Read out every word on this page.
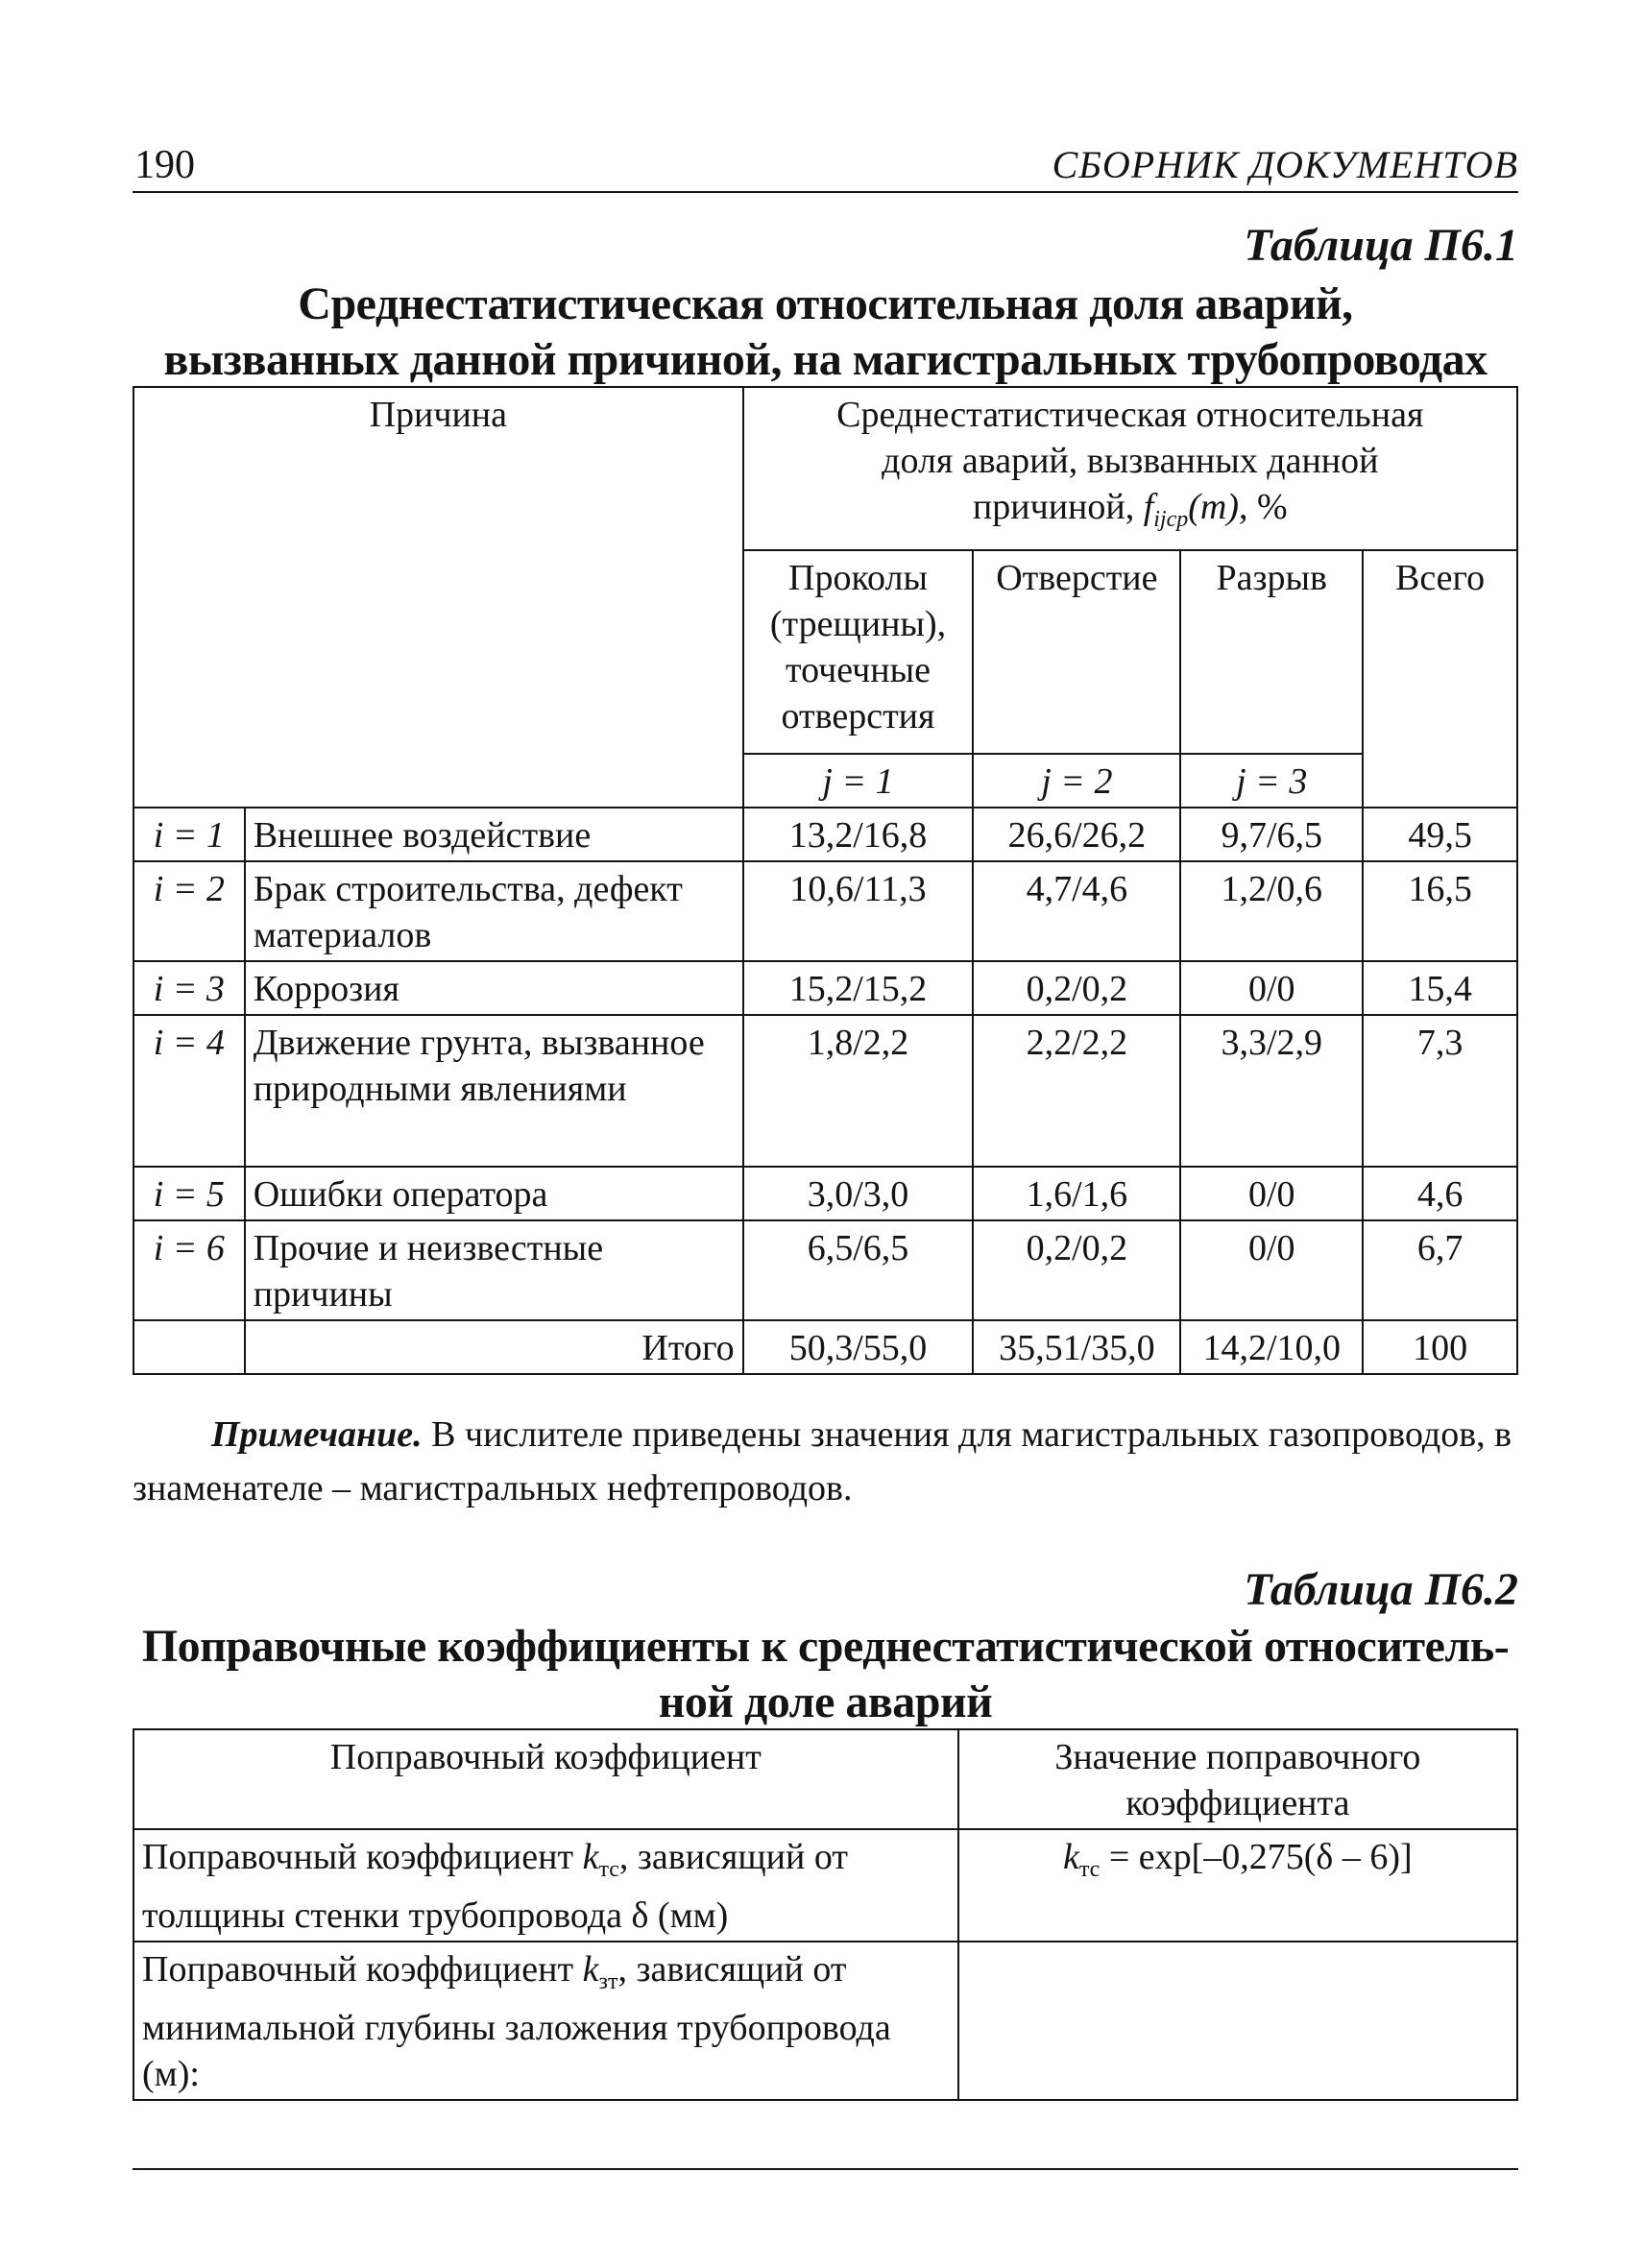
190	СБОРНИК ДОКУМЕНТОВ
Таблица П6.1
Среднестатистическая относительная доля аварий,
вызванных данной причиной, на магистральных трубопроводах
Причина		Среднестатистическая относительная
доля аварий, вызванных данной
причиной, $f_{ijcp}(m)$, %			

		Проколы (трещины), точечные отверстия	Отверстие	Разрыв	Всего
		j = 1	j = 2	j = 3	
i = 1	Внешнее воздействие	13,2/16,8	26,6/26,2	9,7/6,5	49,5
i = 2	Брак строительства, дефект материалов	10,6/11,3	4,7/4,6	1,2/0,6	16,5
i = 3	Коррозия	15,2/15,2	0,2/0,2	0/0	15,4
i = 4	Движение грунта, вызванное природными явлениями	1,8/2,2	2,2/2,2	3,3/2,9	7,3
i = 5	Ошибки оператора	3,0/3,0	1,6/1,6	0/0	4,6
i = 6	Прочие и неизвестные причины	6,5/6,5	0,2/0,2	0/0	6,7
	Итого	50,3/55,0	35,51/35,0	14,2/10,0	100
Примечание. В числителе приведены значения для магистральных газопроводов, в знаменателе – магистральных нефтепроводов.
Таблица П6.2
Поправочные коэффициенты к среднестатистической относитель-
ной доле аварий
Поправочный коэффициент	Значение поправочного коэффициента
Поправочный коэффициент $k_{тс}$, зависящий от толщины стенки трубопровода δ (мм)	$k_{тс} = \exp[-0,275(\delta - 6)]$
Поправочный коэффициент $k_{зт}$, зависящий от минимальной глубины заложения трубопровода (м):	
